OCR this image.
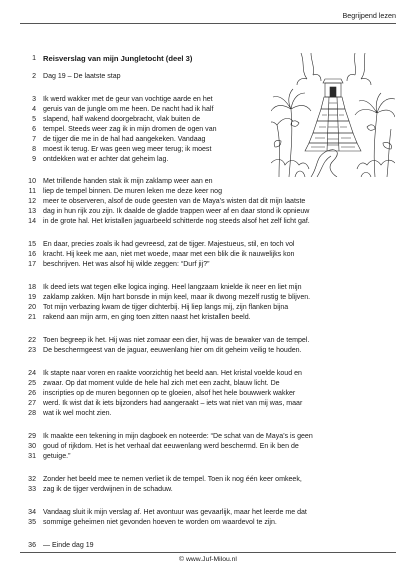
Begrijpend lezen
1 Reisverslag van mijn Jungletocht (deel 3)
2 Dag 19 – De laatste stap
3 Ik werd wakker met de geur van vochtige aarde en het
4 geruis van de jungle om me heen. De nacht had ik half
5 slapend, half wakend doorgebracht, vlak buiten de
6 tempel. Steeds weer zag ik in mijn dromen de ogen van
7 de tijger die me in de hal had aangekeken. Vandaag
8 moest ik terug. Er was geen weg meer terug; ik moest
9 ontdekken wat er achter dat geheim lag.
10 Met trillende handen stak ik mijn zaklamp weer aan en
11 liep de tempel binnen. De muren leken me deze keer nog
12 meer te observeren, alsof de oude geesten van de Maya’s wisten dat dit mijn laatste
13 dag in hun rijk zou zijn. Ik daalde de gladde trappen weer af en daar stond ik opnieuw
14 in de grote hal. Het kristallen jaguarbeeld schitterde nog steeds alsof het zelf licht gaf.
15 En daar, precies zoals ik had gevreesd, zat de tijger. Majestueus, stil, en toch vol
16 kracht. Hij keek me aan, niet met woede, maar met een blik die ik nauwelijks kon
17 beschrijven. Het was alsof hij wilde zeggen: “Durf jij?”
18 Ik deed iets wat tegen elke logica inging. Heel langzaam knielde ik neer en liet mijn
19 zaklamp zakken. Mijn hart bonsde in mijn keel, maar ik dwong mezelf rustig te blijven.
20 Tot mijn verbazing kwam de tijger dichterbij. Hij liep langs mij, zijn flanken bijna
21 rakend aan mijn arm, en ging toen zitten naast het kristallen beeld.
22 Toen begreep ik het. Hij was niet zomaar een dier, hij was de bewaker van de tempel.
23 De beschermgeest van de jaguar, eeuwenlang hier om dit geheim veilig te houden.
24 Ik stapte naar voren en raakte voorzichtig het beeld aan. Het kristal voelde koud en
25 zwaar. Op dat moment vulde de hele hal zich met een zacht, blauw licht. De
26 inscripties op de muren begonnen op te gloeien, alsof het hele bouwwerk wakker
27 werd. Ik wist dat ik iets bijzonders had aangeraakt – iets wat niet van mij was, maar
28 wat ik wel mocht zien.
29 Ik maakte een tekening in mijn dagboek en noteerde: “De schat van de Maya’s is geen
30 goud of rijkdom. Het is het verhaal dat eeuwenlang werd beschermd. En ik ben de
31 getuige.”
32 Zonder het beeld mee te nemen verliet ik de tempel. Toen ik nog één keer omkeek,
33 zag ik de tijger verdwijnen in de schaduw.
34 Vandaag sluit ik mijn verslag af. Het avontuur was gevaarlijk, maar het leerde me dat
35 sommige geheimen niet gevonden hoeven te worden om waardevol te zijn.
36 — Einde dag 19
© www.Juf-Milou.nl
